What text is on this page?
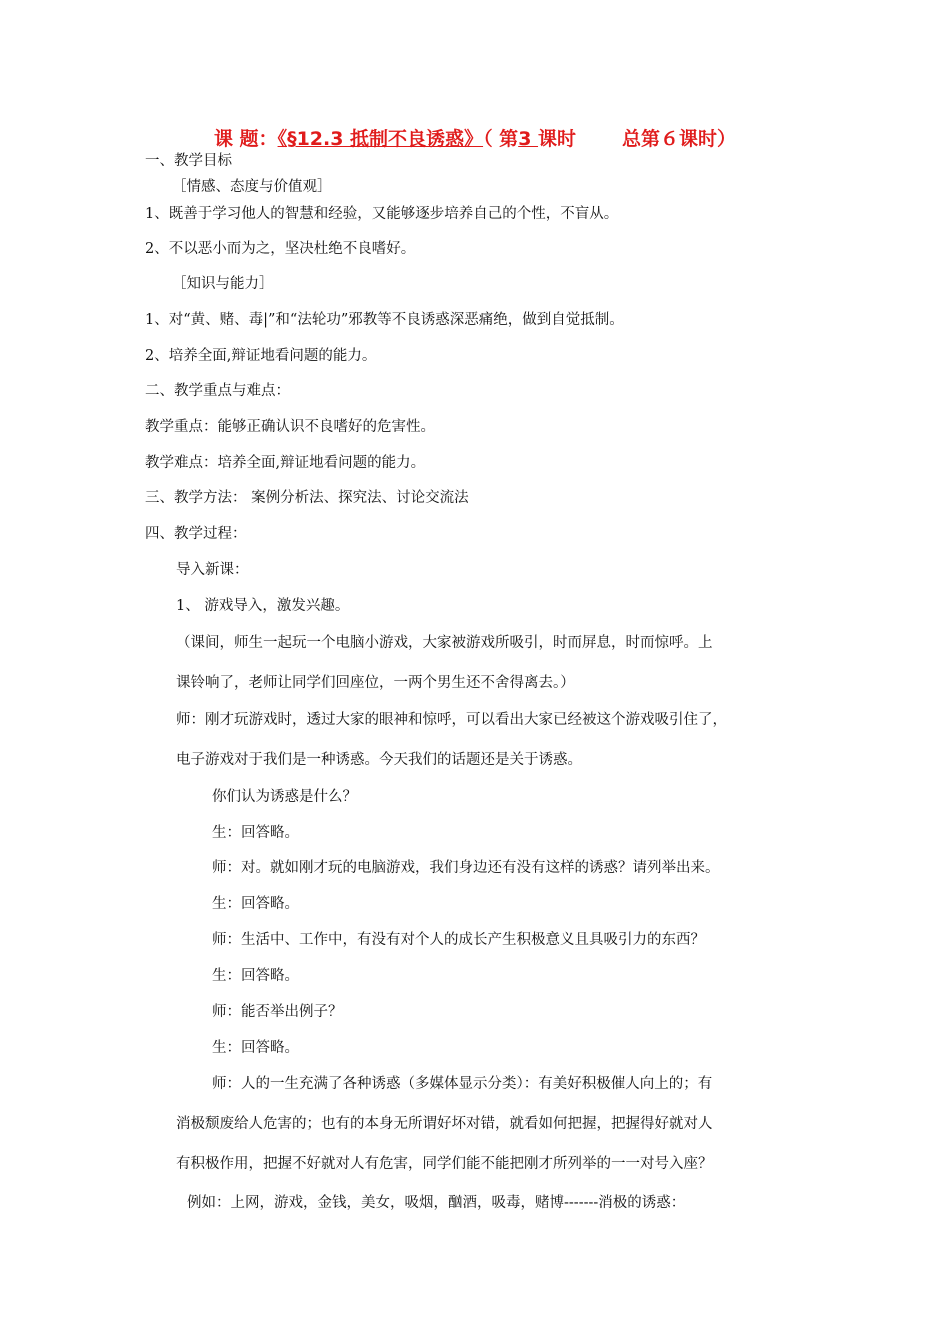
课 题：《§12.3 抵制不良诱惑》（ 第3 课时 总第６课时）
一、教学目标
［情感、态度与价值观］
1、既善于学习他人的智慧和经验，又能够逐步培养自己的个性，不盲从。
2、不以恶小而为之，坚决杜绝不良嗜好。
［知识与能力］
1、对“黄、赌、毒|”和“法轮功”邪教等不良诱惑深恶痛绝，做到自觉抵制。
2、培养全面,辩证地看问题的能力。
二、教学重点与难点：
教学重点：能够正确认识不良嗜好的危害性。
教学难点：培养全面,辩证地看问题的能力。
三、教学方法： 案例分析法、探究法、讨论交流法
四、教学过程：
导入新课：
1、 游戏导入，激发兴趣。
（课间，师生一起玩一个电脑小游戏，大家被游戏所吸引，时而屏息，时而惊呼。上
课铃响了，老师让同学们回座位，一两个男生还不舍得离去。）
师：刚才玩游戏时，透过大家的眼神和惊呼，可以看出大家已经被这个游戏吸引住了，
电子游戏对于我们是一种诱惑。今天我们的话题还是关于诱惑。
你们认为诱惑是什么？
生：回答略。
师：对。就如刚才玩的电脑游戏，我们身边还有没有这样的诱惑？请列举出来。
生：回答略。
师：生活中、工作中，有没有对个人的成长产生积极意义且具吸引力的东西？
生：回答略。
师：能否举出例子？
生：回答略。
师：人的一生充满了各种诱惑（多媒体显示分类）：有美好积极催人向上的；有
消极颓废给人危害的；也有的本身无所谓好坏对错，就看如何把握，把握得好就对人
有积极作用，把握不好就对人有危害，同学们能不能把刚才所列举的一一对号入座？
例如：上网，游戏，金钱，美女，吸烟，酗酒，吸毒，赌博-------消极的诱惑：
